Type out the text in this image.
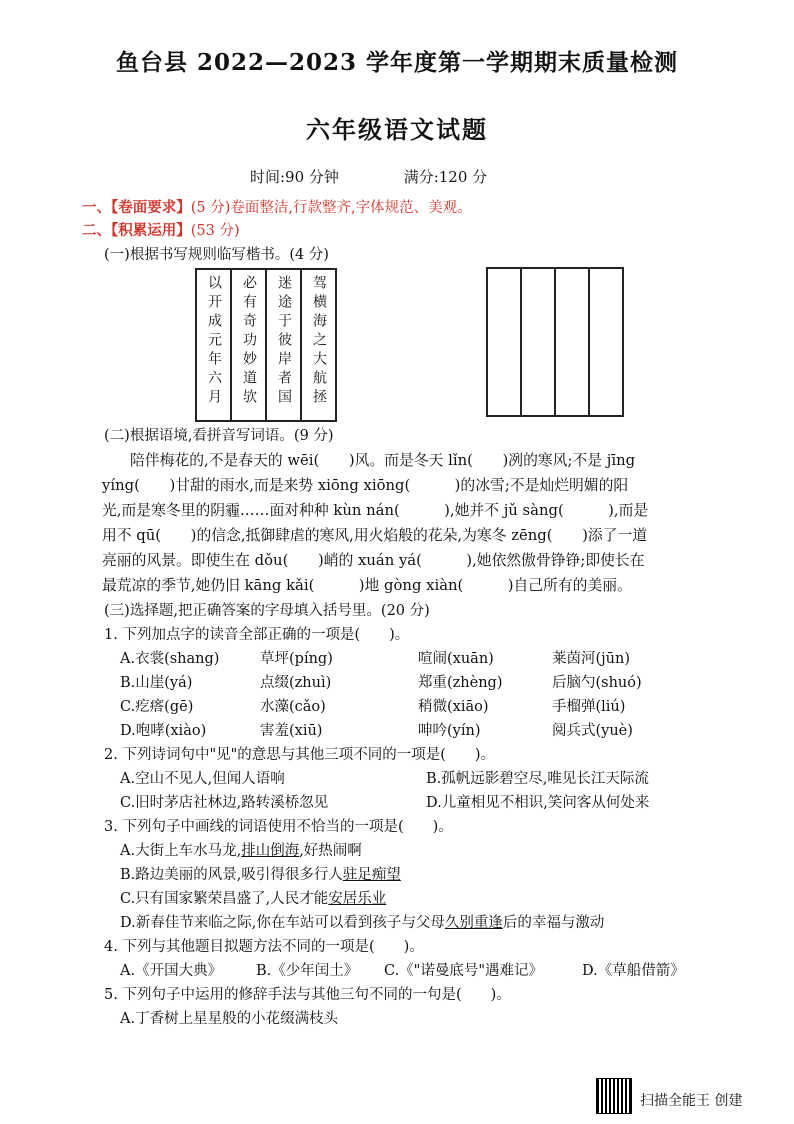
鱼台县 2022—2023 学年度第一学期期末质量检测
六年级语文试题
时间:90 分钟	满分:120 分
一、【卷面要求】(5 分)卷面整洁,行款整齐,字体规范、美观。
二、【积累运用】(53 分)
(一)根据书写规则临写楷书。(4 分)
以开成元年六月	必有奇功妙道欤	迷途于彼岸者国	驾横海之大航拯

(二)根据语境,看拼音写词语。(9 分)
陪伴梅花的,不是春天的 wēi(　　)风。而是冬天 lǐn(　　)冽的寒风;不是 jīng
yíng(　　)甘甜的雨水,而是来势 xiōng xiōng(　　　)的冰雪;不是灿烂明媚的阳
光,而是寒冬里的阴霾……面对种种 kùn nán(　　　),她并不 jǔ sàng(　　　),而是
用不 qū(　　)的信念,抵御肆虐的寒风,用火焰般的花朵,为寒冬 zēng(　　)添了一道
亮丽的风景。即使生在 dǒu(　　)峭的 xuán yá(　　　),她依然傲骨铮铮;即使长在
最荒凉的季节,她仍旧 kāng kǎi(　　　)地 gòng xiàn(　　　)自己所有的美丽。
(三)选择题,把正确答案的字母填入括号里。(20 分)
1. 下列加点字的读音全部正确的一项是(　　)。
A.衣裳(shang)	草坪(píng)	喧闹(xuān)	莱茵河(jūn)
B.山崖(yá)	点缀(zhuì)	郑重(zhèng)	后脑勺(shuó)
C.疙瘩(gē)	水藻(cǎo)	稍微(xiāo)	手榴弹(liú)
D.咆哮(xiào)	害羞(xiū)	呻吟(yín)	阅兵式(yuè)
2. 下列诗词句中"见"的意思与其他三项不同的一项是(　　)。
A.空山不见人,但闻人语响	B.孤帆远影碧空尽,唯见长江天际流
C.旧时茅店社林边,路转溪桥忽见	D.儿童相见不相识,笑问客从何处来
3. 下列句子中画线的词语使用不恰当的一项是(　　)。
A.大街上车水马龙,排山倒海,好热闹啊
B.路边美丽的风景,吸引得很多行人驻足痴望
C.只有国家繁荣昌盛了,人民才能安居乐业
D.新春佳节来临之际,你在车站可以看到孩子与父母久别重逢后的幸福与激动
4. 下列与其他题目拟题方法不同的一项是(　　)。
A.《开国大典》 B.《少年闰土》 C.《"诺曼底号"遇难记》	D.《草船借箭》
5. 下列句子中运用的修辞手法与其他三句不同的一句是(　　)。
A.丁香树上星星般的小花缀满枝头
扫描全能王 创建
